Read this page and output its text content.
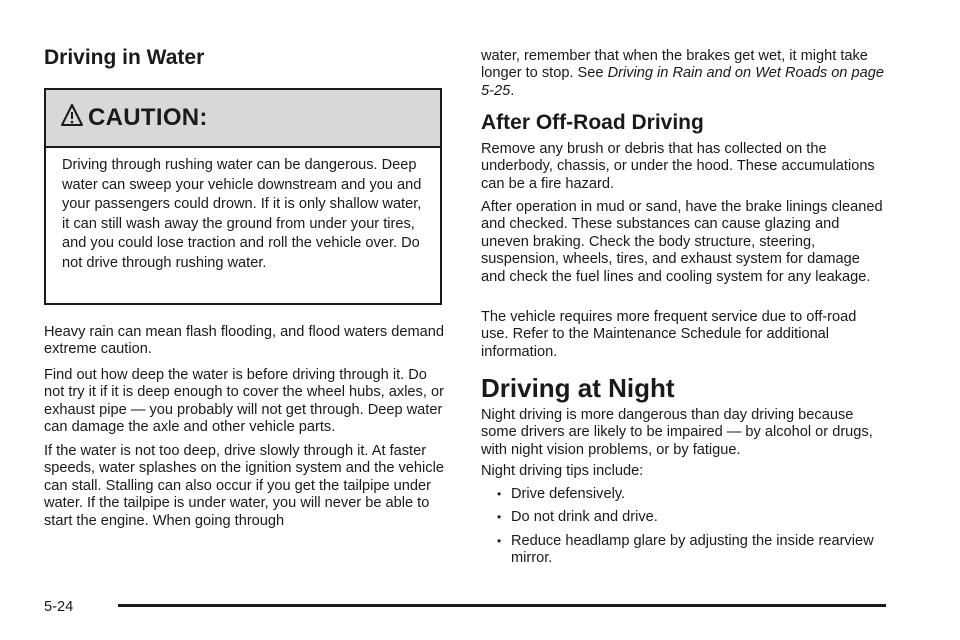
Driving in Water
CAUTION:
Driving through rushing water can be dangerous. Deep water can sweep your vehicle downstream and you and your passengers could drown. If it is only shallow water, it can still wash away the ground from under your tires, and you could lose traction and roll the vehicle over. Do not drive through rushing water.

Heavy rain can mean flash flooding, and flood waters demand extreme caution.

Find out how deep the water is before driving through it. Do not try it if it is deep enough to cover the wheel hubs, axles, or exhaust pipe — you probably will not get through. Deep water can damage the axle and other vehicle parts.

If the water is not too deep, drive slowly through it. At faster speeds, water splashes on the ignition system and the vehicle can stall. Stalling can also occur if you get the tailpipe under water. If the tailpipe is under water, you will never be able to start the engine. When going through

water, remember that when the brakes get wet, it might take longer to stop. See Driving in Rain and on Wet Roads on page 5-25.

After Off-Road Driving

Remove any brush or debris that has collected on the underbody, chassis, or under the hood. These accumulations can be a fire hazard.

After operation in mud or sand, have the brake linings cleaned and checked. These substances can cause glazing and uneven braking. Check the body structure, steering, suspension, wheels, tires, and exhaust system for damage and check the fuel lines and cooling system for any leakage.

The vehicle requires more frequent service due to off-road use. Refer to the Maintenance Schedule for additional information.

Driving at Night

Night driving is more dangerous than day driving because some drivers are likely to be impaired — by alcohol or drugs, with night vision problems, or by fatigue.

Night driving tips include:

• Drive defensively.
• Do not drink and drive.
• Reduce headlamp glare by adjusting the inside rearview mirror.
5-24
